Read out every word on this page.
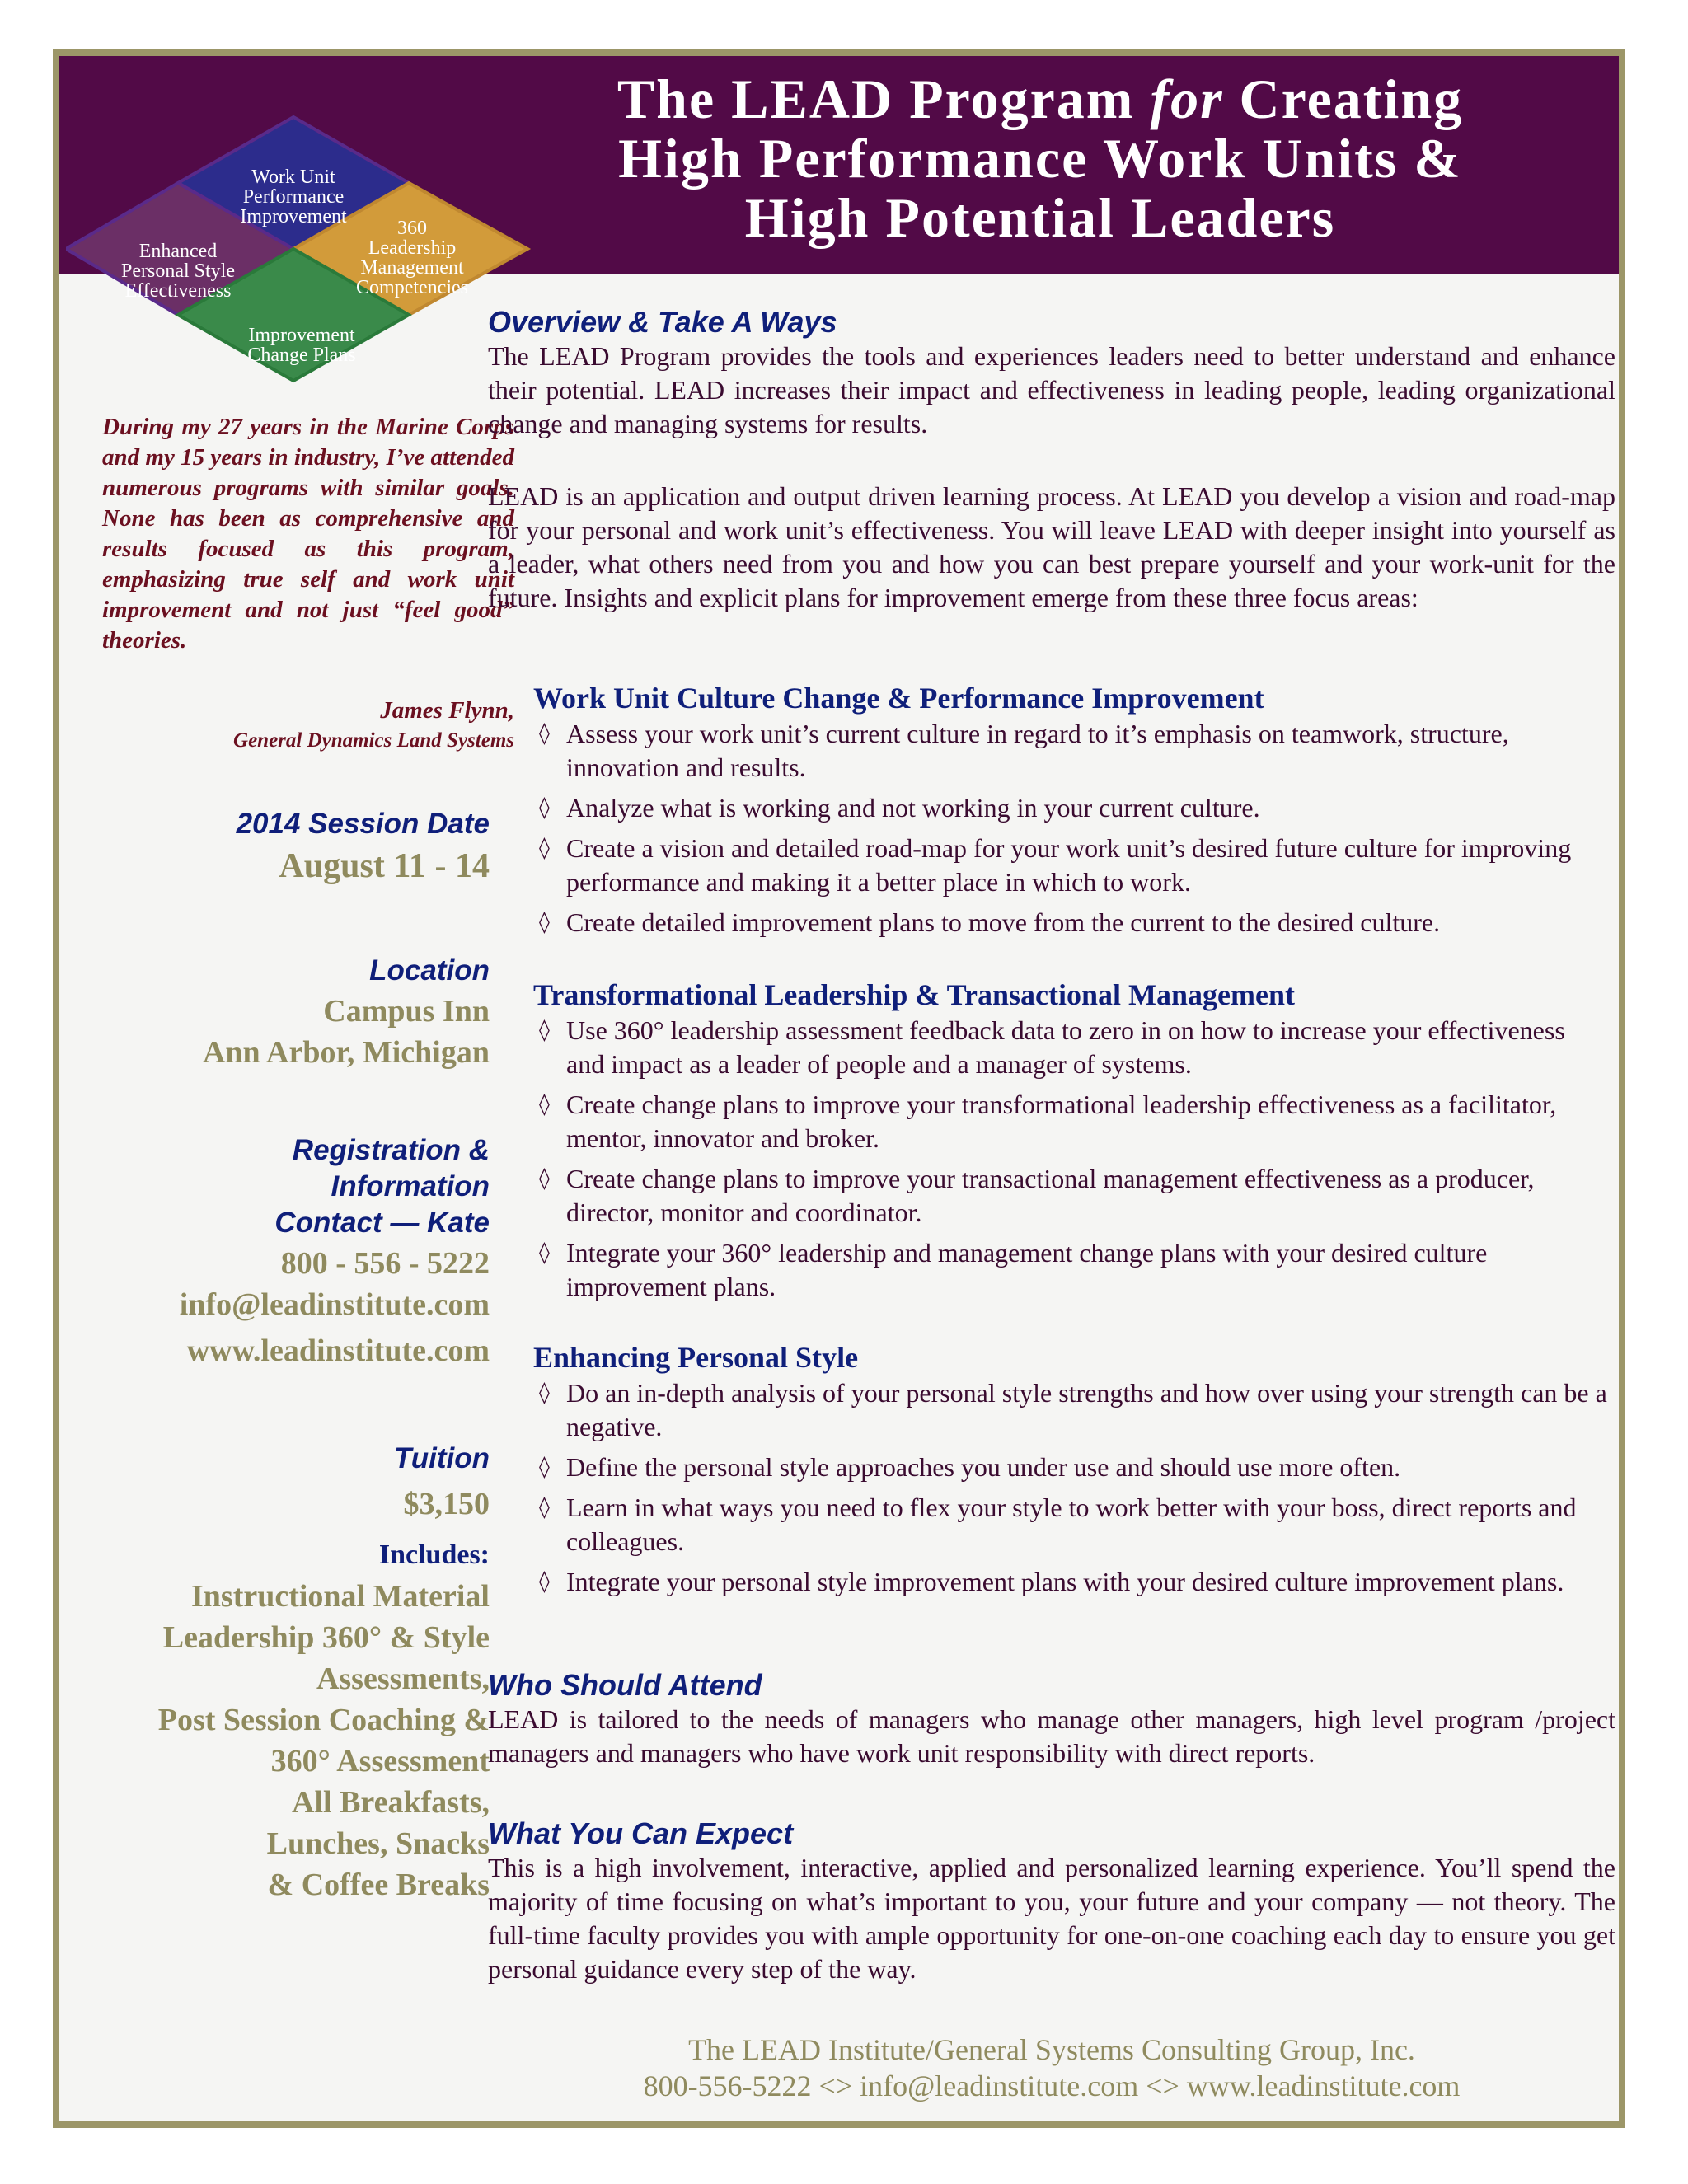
The LEAD Program for Creating
High Performance Work Units &
High Potential Leaders
Work Unit
Performance
Improvement
Enhanced
Personal Style
Effectiveness
360
Leadership
Management
Competencies
Improvement
Change Plans
During my 27 years in the Marine Corps and my 15 years in industry, I’ve attended numerous programs with similar goals. None has been as comprehensive and results focused as this program, emphasizing true self and work unit improvement and not just “feel good” theories.
James Flynn,
General Dynamics Land Systems
2014 Session Date
August 11 - 14
Location
Campus Inn
Ann Arbor, Michigan
Registration &
Information
Contact — Kate
800 - 556 - 5222
info@leadinstitute.com
www.leadinstitute.com
Tuition
$3,150
Includes:
Instructional Material
Leadership 360° & Style
Assessments,
Post Session Coaching &
360° Assessment
All Breakfasts,
Lunches, Snacks
& Coffee Breaks
Overview & Take A Ways
The LEAD Program provides the tools and experiences leaders need to better understand and enhance their potential. LEAD increases their impact and effectiveness in leading people, leading organizational change and managing systems for results.
LEAD is an application and output driven learning process. At LEAD you develop a vision and road-map for your personal and work unit’s effectiveness. You will leave LEAD with deeper insight into yourself as a leader, what others need from you and how you can best prepare yourself and your work-unit for the future. Insights and explicit plans for improvement emerge from these three focus areas:
Work Unit Culture Change & Performance Improvement
◊ Assess your work unit’s current culture in regard to it’s emphasis on teamwork, structure, innovation and results.
◊ Analyze what is working and not working in your current culture.
◊ Create a vision and detailed road-map for your work unit’s desired future culture for improving performance and making it a better place in which to work.
◊ Create detailed improvement plans to move from the current to the desired culture.
Transformational Leadership & Transactional Management
◊ Use 360° leadership assessment feedback data to zero in on how to increase your effectiveness and impact as a leader of people and a manager of systems.
◊ Create change plans to improve your transformational leadership effectiveness as a facilitator, mentor, innovator and broker.
◊ Create change plans to improve your transactional management effectiveness as a producer, director, monitor and coordinator.
◊ Integrate your 360° leadership and management change plans with your desired culture improvement plans.
Enhancing Personal Style
◊ Do an in-depth analysis of your personal style strengths and how over using your strength can be a negative.
◊ Define the personal style approaches you under use and should use more often.
◊ Learn in what ways you need to flex your style to work better with your boss, direct reports and colleagues.
◊ Integrate your personal style improvement plans with your desired culture improvement plans.
Who Should Attend
LEAD is tailored to the needs of managers who manage other managers, high level program /project managers and managers who have work unit responsibility with direct reports.
What You Can Expect
This is a high involvement, interactive, applied and personalized learning experience. You’ll spend the majority of time focusing on what’s important to you, your future and your company — not theory. The full-time faculty provides you with ample opportunity for one-on-one coaching each day to ensure you get personal guidance every step of the way.
The LEAD Institute/General Systems Consulting Group, Inc.
800-556-5222 <> info@leadinstitute.com <> www.leadinstitute.com
